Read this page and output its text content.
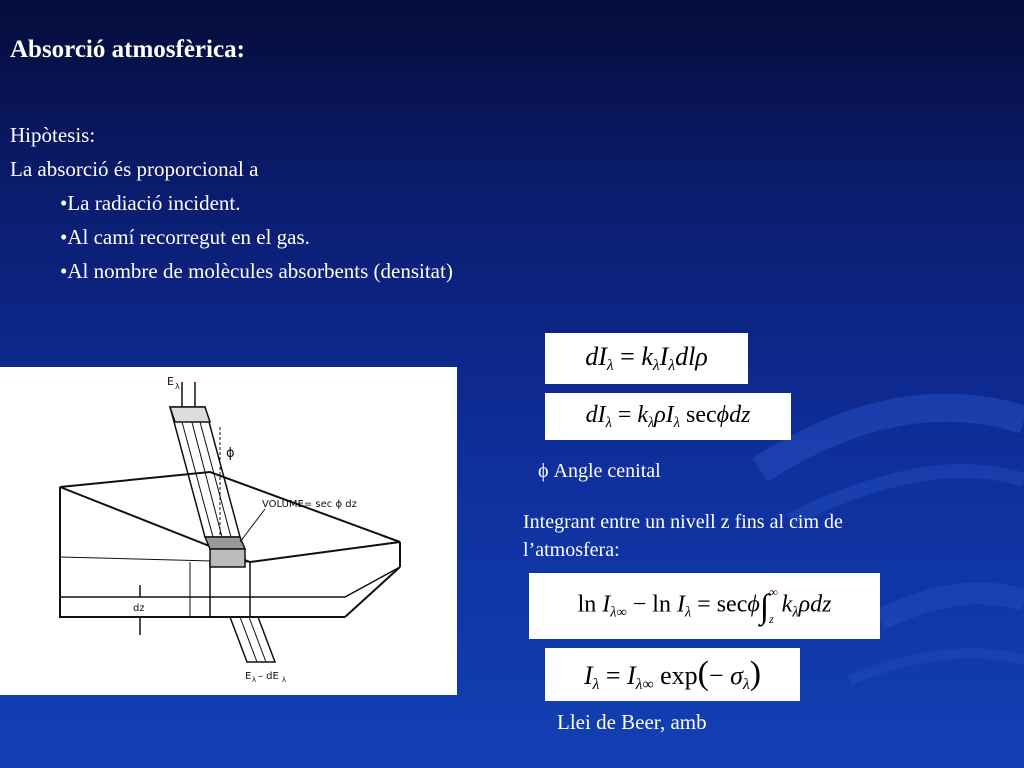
Absorció atmosfèrica:
Hipòtesis:
La absorció és proporcional a
•La radiació incident.
•Al camí recorregut en el gas.
•Al nombre de molècules absorbents (densitat)
E λ
ϕ
VOLUME= sec ϕ dz
dz
E λ – dE λ
$dI_\lambda = k_\lambda I_\lambda dl\rho$
$dI_\lambda = k_\lambda\rho I_\lambda$ secϕdz
ϕ Angle cenital
Integrant entre un nivell z fins al cim de l’atmosfera:
$\ln I_{\lambda\infty} - \ln I_\lambda = \sec\phi\int$ ∞
z
$k_\lambda\rho dz$
$I_\lambda = I_{\lambda\infty}$ $\exp(- \sigma_\lambda)$
Llei de Beer, amb
